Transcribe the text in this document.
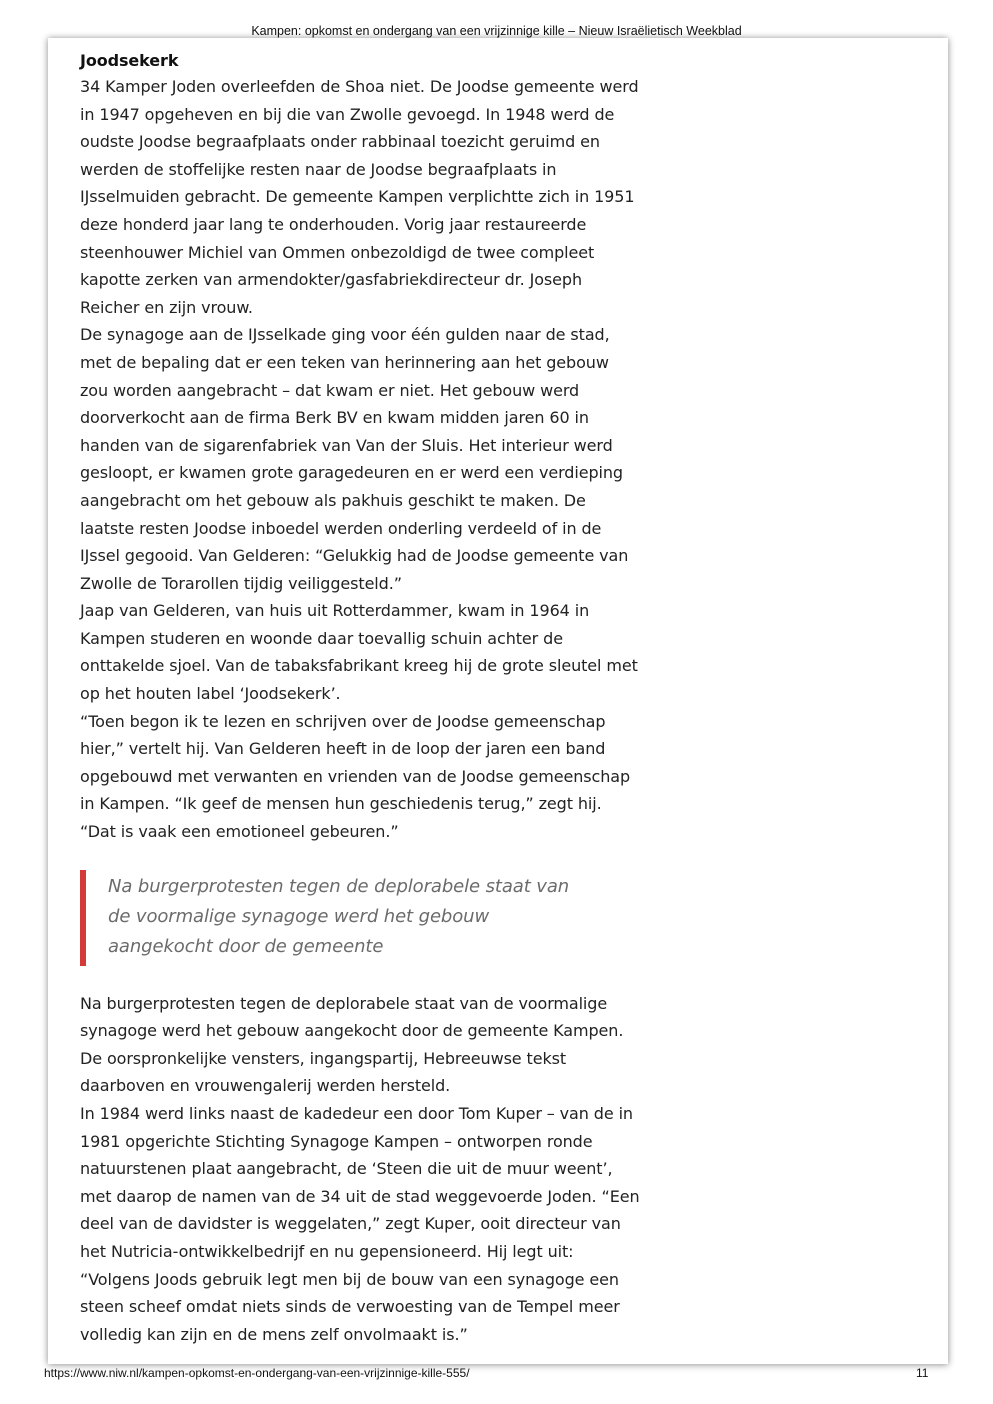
Kampen: opkomst en ondergang van een vrijzinnige kille – Nieuw Israëlietisch Weekblad
Joodsekerk

34 Kamper Joden overleefden de Shoa niet. De Joodse gemeente werd in 1947 opgeheven en bij die van Zwolle gevoegd. In 1948 werd de oudste Joodse begraafplaats onder rabbinaal toezicht geruimd en werden de stoffelijke resten naar de Joodse begraafplaats in IJsselmuiden gebracht. De gemeente Kampen verplichtte zich in 1951 deze honderd jaar lang te onderhouden. Vorig jaar restaureerde steenhouwer Michiel van Ommen onbezoldigd de twee compleet kapotte zerken van armendokter/gasfabriekdirecteur dr. Joseph Reicher en zijn vrouw.

De synagoge aan de IJsselkade ging voor één gulden naar de stad, met de bepaling dat er een teken van herinnering aan het gebouw zou worden aangebracht – dat kwam er niet. Het gebouw werd doorverkocht aan de firma Berk BV en kwam midden jaren 60 in handen van de sigarenfabriek van Van der Sluis. Het interieur werd gesloopt, er kwamen grote garagedeuren en er werd een verdieping aangebracht om het gebouw als pakhuis geschikt te maken. De laatste resten Joodse inboedel werden onderling verdeeld of in de IJssel gegooid. Van Gelderen: “Gelukkig had de Joodse gemeente van Zwolle de Torarollen tijdig veiliggesteld.”

Jaap van Gelderen, van huis uit Rotterdammer, kwam in 1964 in Kampen studeren en woonde daar toevallig schuin achter de onttakelde sjoel. Van de tabaksfabrikant kreeg hij de grote sleutel met op het houten label ‘Joodsekerk’.

“Toen begon ik te lezen en schrijven over de Joodse gemeenschap hier,” vertelt hij. Van Gelderen heeft in de loop der jaren een band opgebouwd met verwanten en vrienden van de Joodse gemeenschap in Kampen. “Ik geef de mensen hun geschiedenis terug,” zegt hij. “Dat is vaak een emotioneel gebeuren.”

Na burgerprotesten tegen de deplorabele staat van de voormalige synagoge werd het gebouw aangekocht door de gemeente

Na burgerprotesten tegen de deplorabele staat van de voormalige synagoge werd het gebouw aangekocht door de gemeente Kampen. De oorspronkelijke vensters, ingangspartij, Hebreeuwse tekst daarboven en vrouwengalerij werden hersteld.

In 1984 werd links naast de kadedeur een door Tom Kuper – van de in 1981 opgerichte Stichting Synagoge Kampen – ontworpen ronde natuurstenen plaat aangebracht, de ‘Steen die uit de muur weent’, met daarop de namen van de 34 uit de stad weggevoerde Joden. “Een deel van de davidster is weggelaten,” zegt Kuper, ooit directeur van het Nutricia-ontwikkelbedrijf en nu gepensioneerd. Hij legt uit: “Volgens Joods gebruik legt men bij de bouw van een synagoge een steen scheef omdat niets sinds de verwoesting van de Tempel meer volledig kan zijn en de mens zelf onvolmaakt is.”

https://www.niw.nl/kampen-opkomst-en-ondergang-van-een-vrijzinnige-kille-555/	11
